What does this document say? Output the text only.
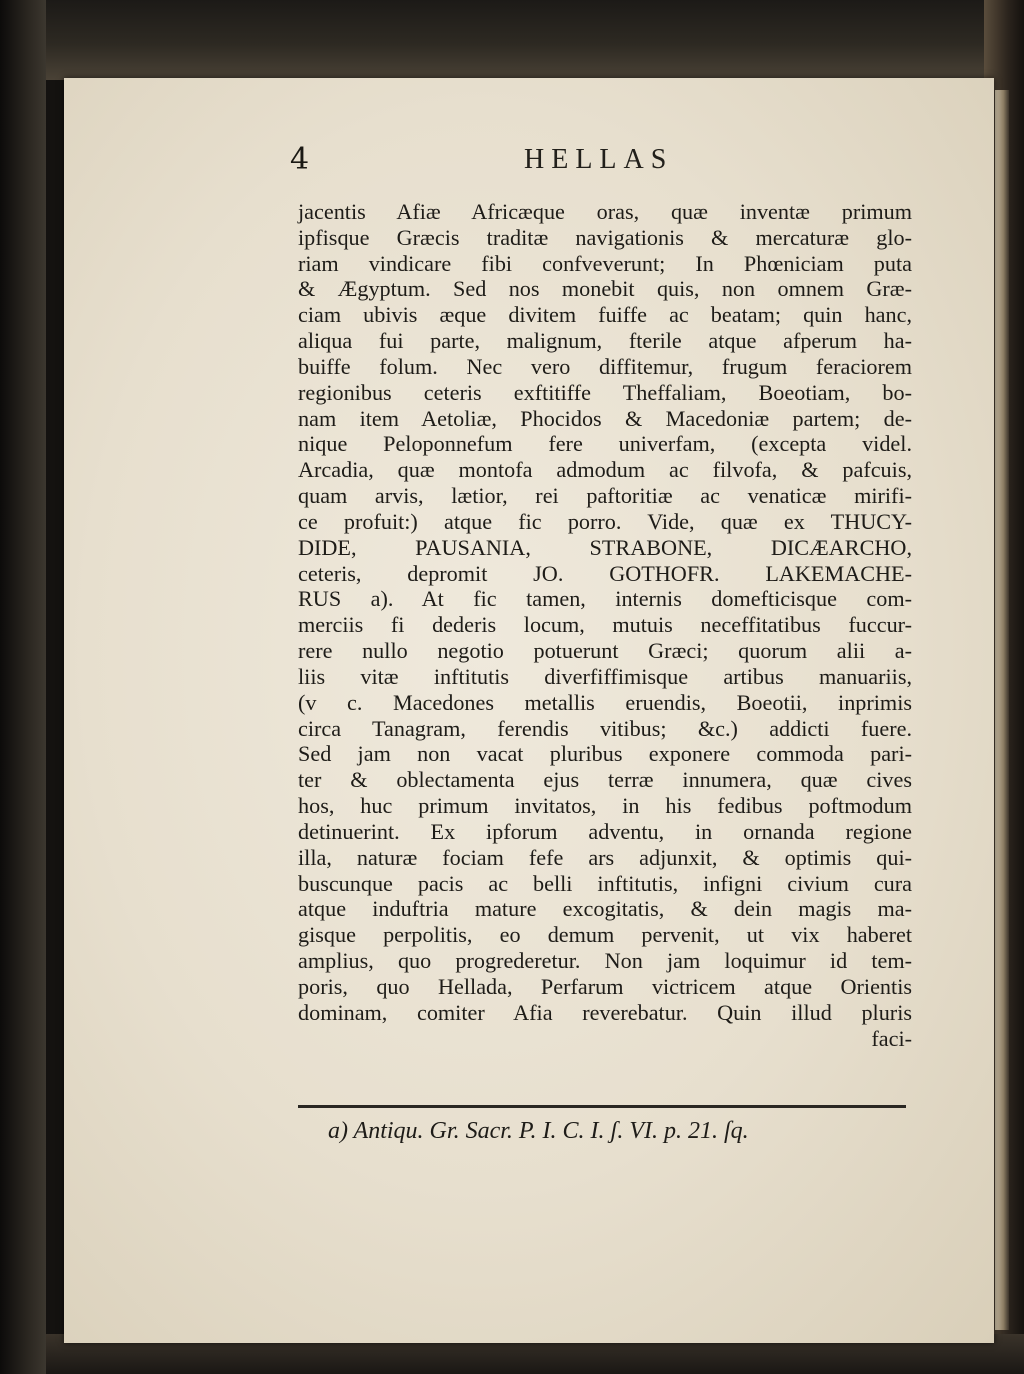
4	HELLAS
jacentis Afiæ Africæque oras, quæ inventæ primum
ipfisque Græcis traditæ navigationis & mercaturæ glo-
riam vindicare fibi confveverunt; In Phœniciam puta
& Ægyptum. Sed nos monebit quis, non omnem Græ-
ciam ubivis æque divitem fuiffe ac beatam; quin hanc,
aliqua fui parte, malignum, fterile atque afperum ha-
buiffe folum. Nec vero diffitemur, frugum feraciorem
regionibus ceteris exftitiffe Theffaliam, Boeotiam, bo-
nam item Aetoliæ, Phocidos & Macedoniæ partem; de-
nique Peloponnefum fere univerfam, (excepta videl.
Arcadia, quæ montofa admodum ac filvofa, & pafcuis,
quam arvis, lætior, rei paftoritiæ ac venaticæ mirifi-
ce profuit:) atque fic porro. Vide, quæ ex THUCY-
DIDE, PAUSANIA, STRABONE, DICÆARCHO,
ceteris, depromit JO. GOTHOFR. LAKEMACHE-
RUS a). At fic tamen, internis domefticisque com-
merciis fi dederis locum, mutuis neceffitatibus fuccur-
rere nullo negotio potuerunt Græci; quorum alii a-
liis vitæ inftitutis diverfiffimisque artibus manuariis,
(v c. Macedones metallis eruendis, Boeotii, inprimis
circa Tanagram, ferendis vitibus; &c.) addicti fuere.
Sed jam non vacat pluribus exponere commoda pari-
ter & oblectamenta ejus terræ innumera, quæ cives
hos, huc primum invitatos, in his fedibus poftmodum
detinuerint. Ex ipforum adventu, in ornanda regione
illa, naturæ fociam fefe ars adjunxit, & optimis qui-
buscunque pacis ac belli inftitutis, infigni civium cura
atque induftria mature excogitatis, & dein magis ma-
gisque perpolitis, eo demum pervenit, ut vix haberet
amplius, quo progrederetur. Non jam loquimur id tem-
poris, quo Hellada, Perfarum victricem atque Orientis
dominam, comiter Afia reverebatur. Quin illud pluris
faci-
a) Antiqu. Gr. Sacr. P. I. C. I. ʃ. VI. p. 21. ſq.
